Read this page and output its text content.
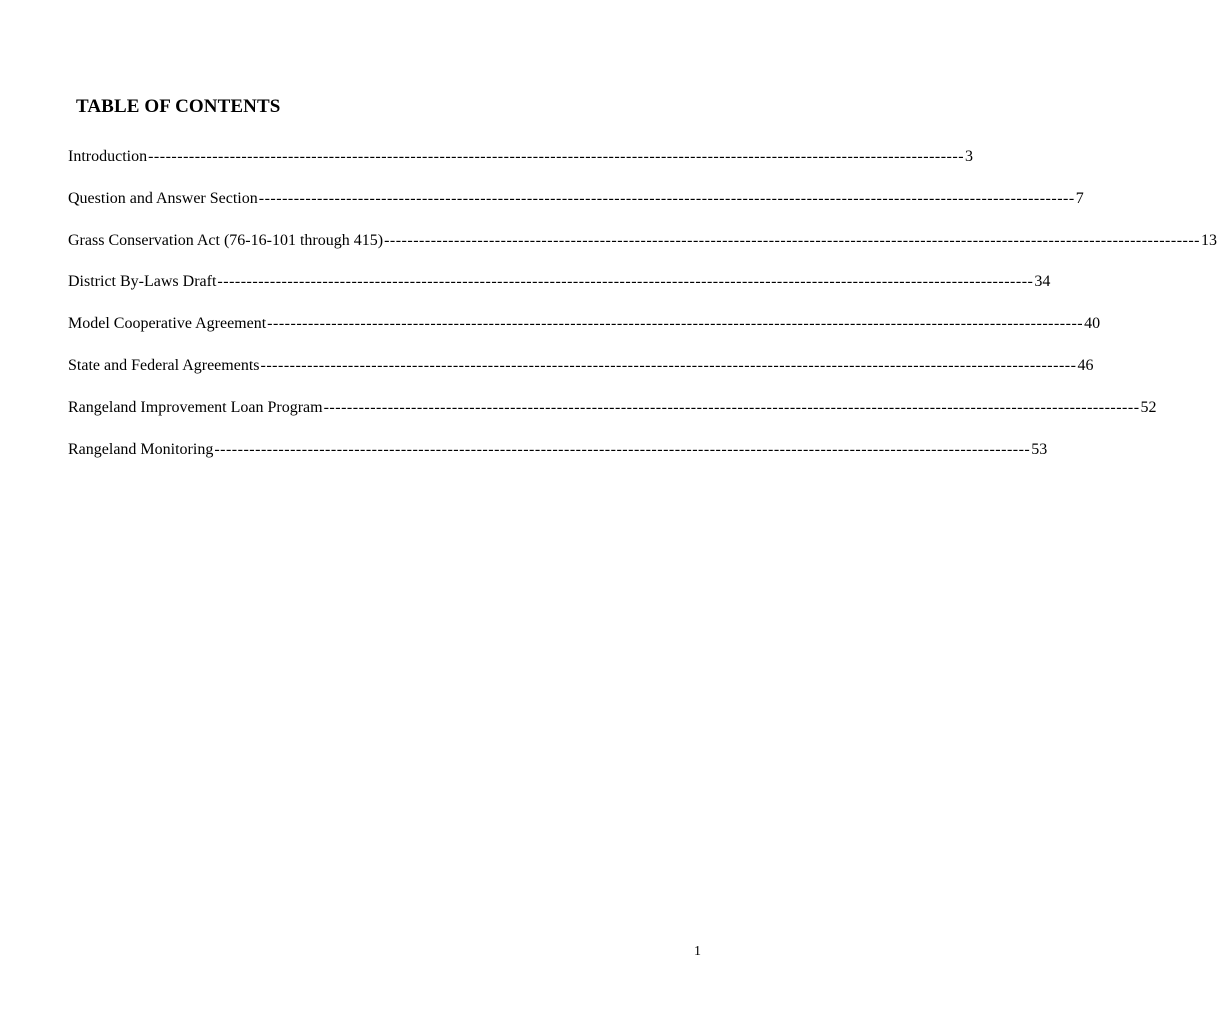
TABLE OF CONTENTS
Introduction -------------------------------------------------------------------------------------------------------------------------------------------- 3
Question and Answer Section -------------------------------------------------------------------------------------------------------------------------------------------- 7
Grass Conservation Act (76-16-101 through 415) -------------------------------------------------------------------------------------------------------------------------------------------- 13
District By-Laws Draft -------------------------------------------------------------------------------------------------------------------------------------------- 34
Model Cooperative Agreement -------------------------------------------------------------------------------------------------------------------------------------------- 40
State and Federal Agreements -------------------------------------------------------------------------------------------------------------------------------------------- 46
Rangeland Improvement Loan Program -------------------------------------------------------------------------------------------------------------------------------------------- 52
Rangeland Monitoring -------------------------------------------------------------------------------------------------------------------------------------------- 53
1
